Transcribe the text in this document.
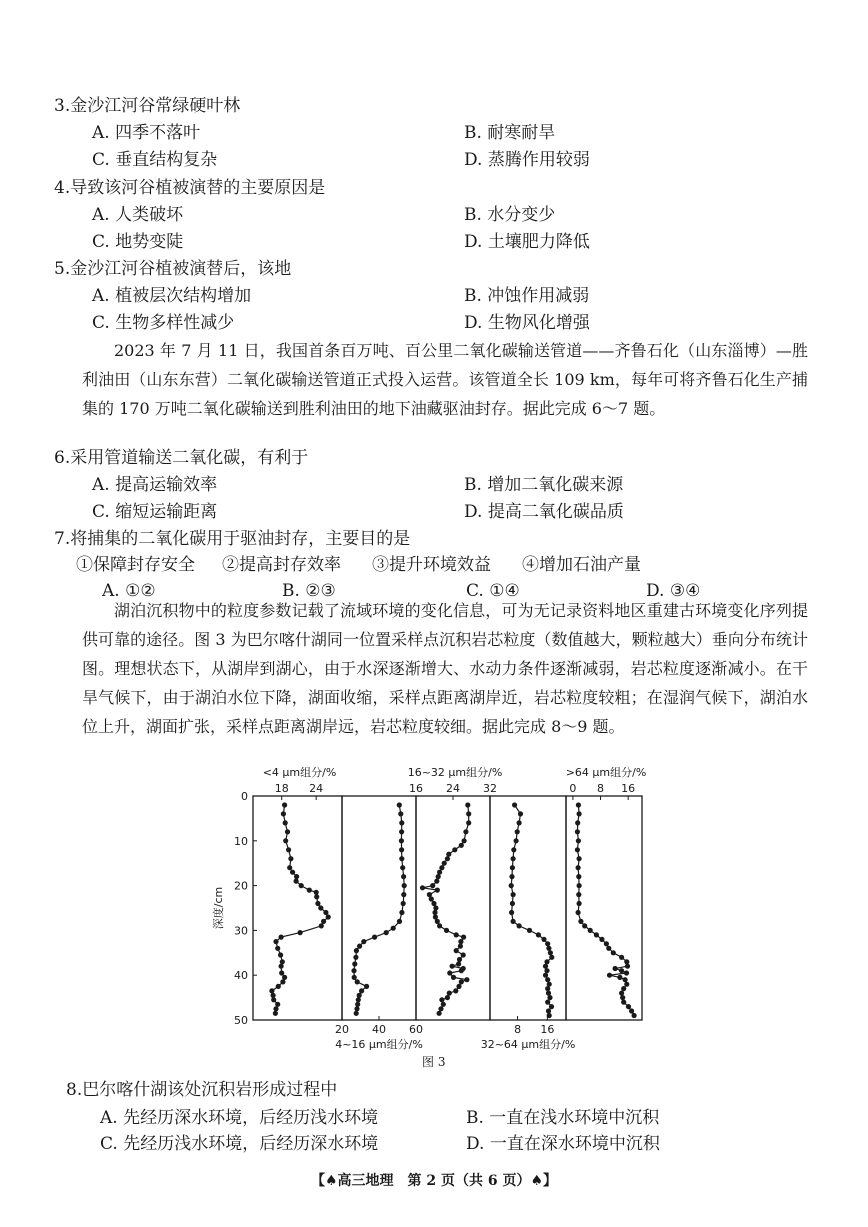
3.金沙江河谷常绿硬叶林
A. 四季不落叶	B. 耐寒耐旱
C. 垂直结构复杂	D. 蒸腾作用较弱
4.导致该河谷植被演替的主要原因是
A. 人类破坏	B. 水分变少
C. 地势变陡	D. 土壤肥力降低
5.金沙江河谷植被演替后，该地
A. 植被层次结构增加	B. 冲蚀作用减弱
C. 生物多样性减少	D. 生物风化增强
2023 年 7 月 11 日，我国首条百万吨、百公里二氧化碳输送管道——齐鲁石化（山东淄博）—胜利油田（山东东营）二氧化碳输送管道正式投入运营。该管道全长 109 km，每年可将齐鲁石化生产捕集的 170 万吨二氧化碳输送到胜利油田的地下油藏驱油封存。据此完成 6～7 题。
6.采用管道输送二氧化碳，有利于
A. 提高运输效率	B. 增加二氧化碳来源
C. 缩短运输距离	D. 提高二氧化碳品质
7.将捕集的二氧化碳用于驱油封存，主要目的是
①保障封存安全 ②提高封存效率 ③提升环境效益 ④增加石油产量
A. ①②	B. ②③	C. ①④	D. ③④
湖泊沉积物中的粒度参数记载了流域环境的变化信息，可为无记录资料地区重建古环境变化序列提供可靠的途径。图 3 为巴尔喀什湖同一位置采样点沉积岩芯粒度（数值越大，颗粒越大）垂向分布统计图。理想状态下，从湖岸到湖心，由于水深逐渐增大、水动力条件逐渐减弱，岩芯粒度逐渐减小。在干旱气候下，由于湖泊水位下降，湖面收缩，采样点距离湖岸近，岩芯粒度较粗；在湿润气候下，湖泊水位上升，湖面扩张，采样点距离湖岸远，岩芯粒度较细。据此完成 8～9 题。
0
10
20
30
40
50
深度/cm
18 24
<4 μm组分/%
20 40 60
4~16 μm组分/%
16 24 32
16~32 μm组分/%
8 16
32~64 μm组分/%
0 8 16
>64 μm组分/%
图 3
8.巴尔喀什湖该处沉积岩形成过程中
A. 先经历深水环境，后经历浅水环境	B. 一直在浅水环境中沉积
C. 先经历浅水环境，后经历深水环境	D. 一直在深水环境中沉积
【♠高三地理　第 2 页（共 6 页）♠】
